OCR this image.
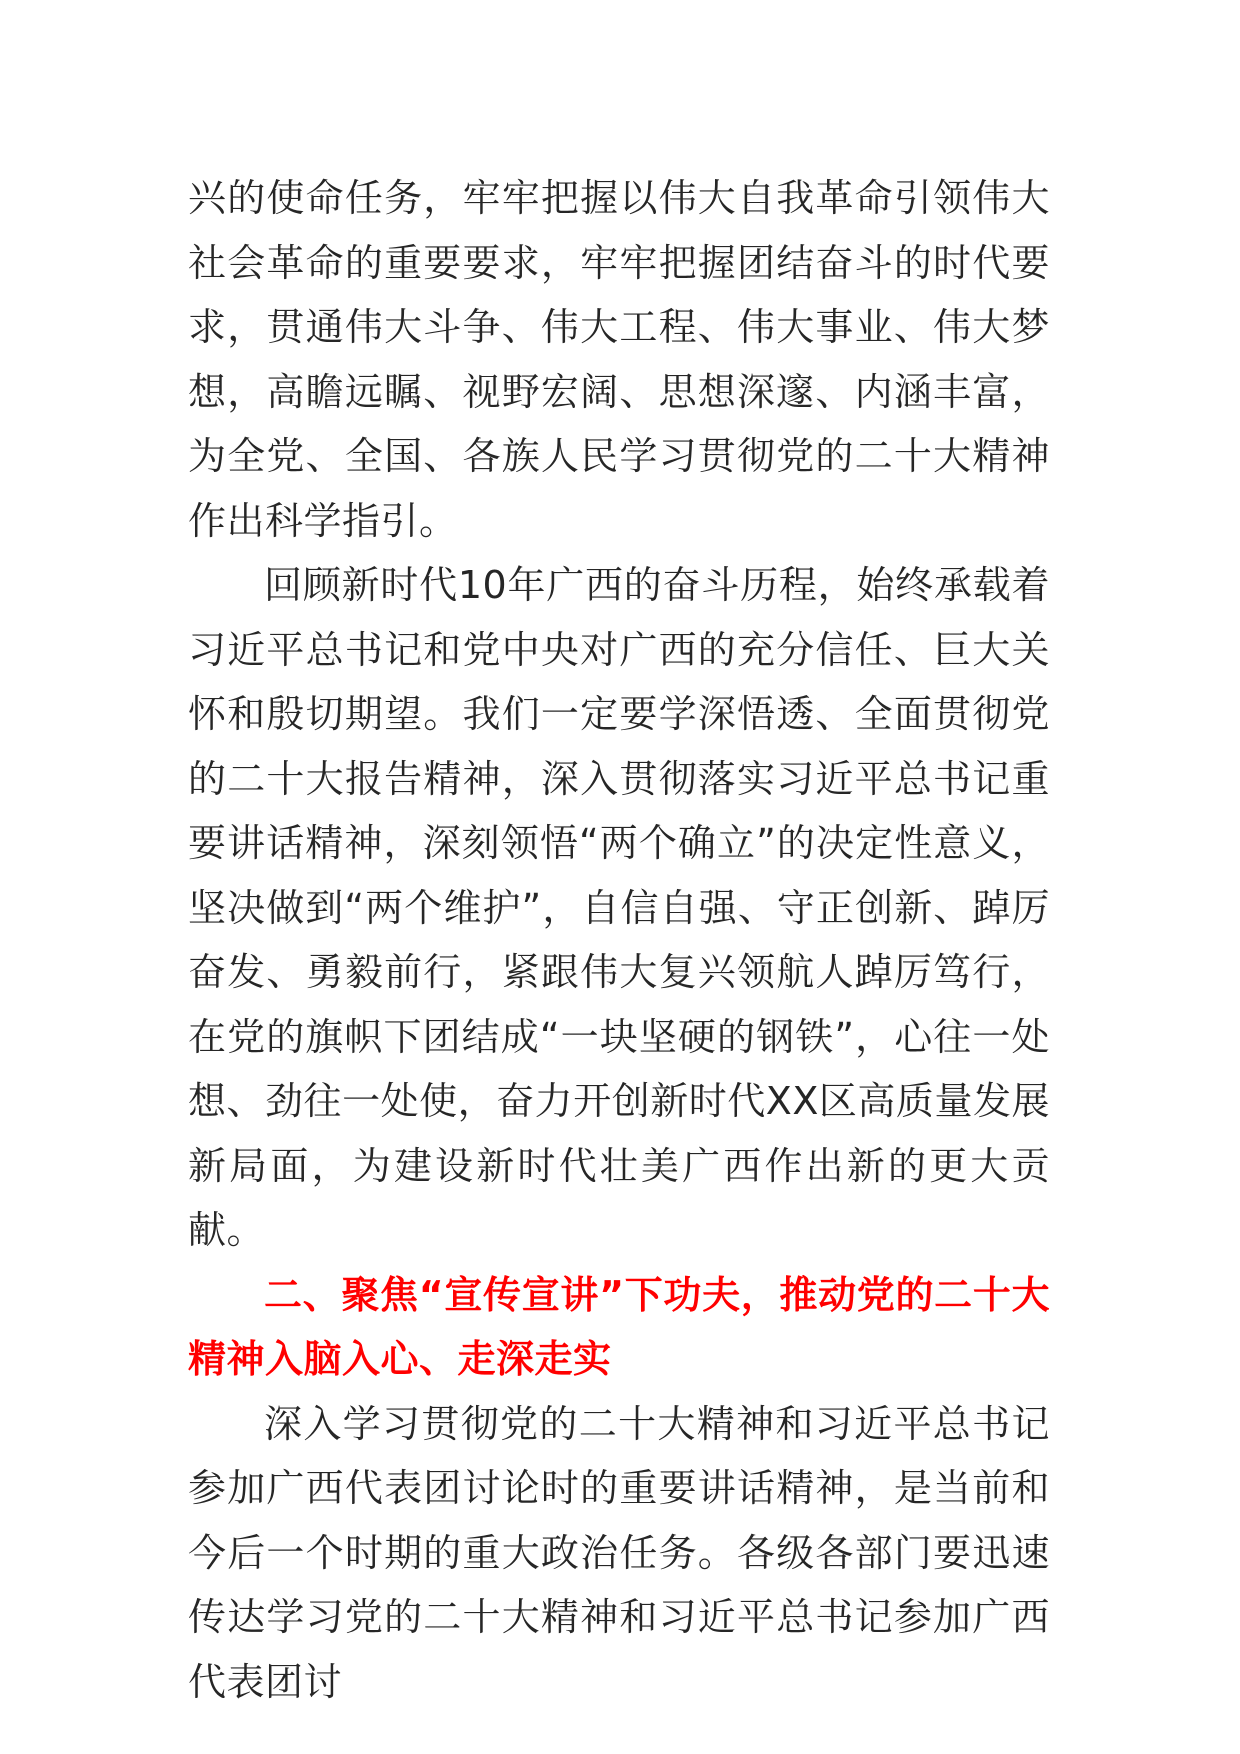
兴的使命任务，牢牢把握以伟大自我革命引领伟大社会革命的重要要求，牢牢把握团结奋斗的时代要求，贯通伟大斗争、伟大工程、伟大事业、伟大梦想，高瞻远瞩、视野宏阔、思想深邃、内涵丰富，为全党、全国、各族人民学习贯彻党的二十大精神作出科学指引。

回顾新时代10年广西的奋斗历程，始终承载着习近平总书记和党中央对广西的充分信任、巨大关怀和殷切期望。我们一定要学深悟透、全面贯彻党的二十大报告精神，深入贯彻落实习近平总书记重要讲话精神，深刻领悟“两个确立”的决定性意义，坚决做到“两个维护”，自信自强、守正创新、踔厉奋发、勇毅前行，紧跟伟大复兴领航人踔厉笃行，在党的旗帜下团结成“一块坚硬的钢铁”，心往一处想、劲往一处使，奋力开创新时代XX区高质量发展新局面，为建设新时代壮美广西作出新的更大贡献。

二、聚焦“宣传宣讲”下功夫，推动党的二十大精神入脑入心、走深走实

深入学习贯彻党的二十大精神和习近平总书记参加广西代表团讨论时的重要讲话精神，是当前和今后一个时期的重大政治任务。各级各部门要迅速传达学习党的二十大精神和习近平总书记参加广西代表团讨
